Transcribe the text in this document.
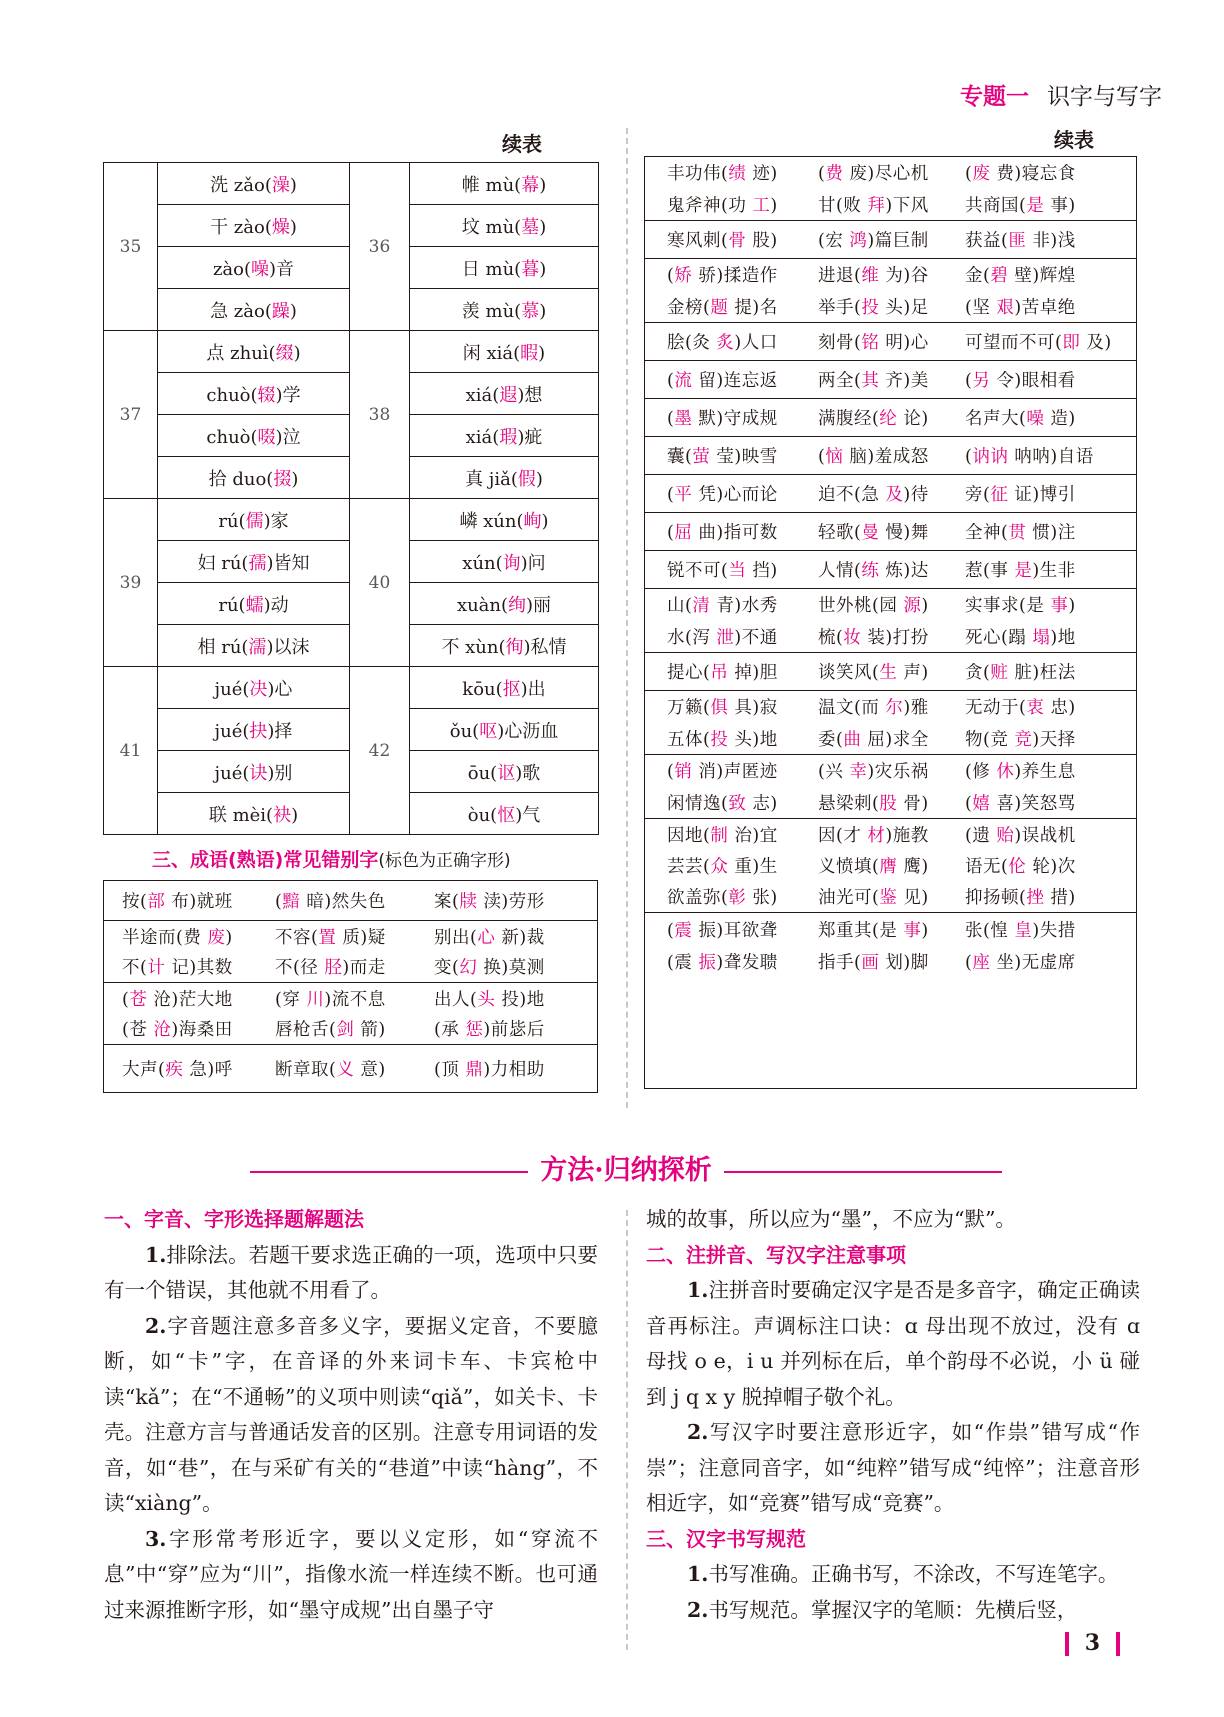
专题一 识字与写字
续表	续表
35	洗 zǎo(澡)	36	帷 mù(幕)
	干 zào(燥)		坟 mù(墓)
	zào(噪)音		日 mù(暮)
	急 zào(躁)		羡 mù(慕)
37	点 zhuì(缀)	38	闲 xiá(暇)
	chuò(辍)学		xiá(遐)想
	chuò(啜)泣		xiá(瑕)疵
	拾 duo(掇)		真 jiǎ(假)
39	rú(儒)家	40	嶙 xún(峋)
	妇 rú(孺)皆知		xún(询)问
	rú(蠕)动		xuàn(绚)丽
	相 rú(濡)以沫		不 xùn(徇)私情
41	jué(决)心	42	kōu(抠)出
	jué(抉)择		ǒu(呕)心沥血
	jué(诀)别		ōu(讴)歌
	联 mèi(袂)		òu(怄)气
三、成语(熟语)常见错别字(标色为正确字形)
按(部 布)就班	(黯 暗)然失色	案(牍 渎)劳形
半途而(费 废)	不容(置 质)疑	别出(心 新)裁
不(计 记)其数	不(径 胫)而走	变(幻 换)莫测
(苍 沧)茫大地	(穿 川)流不息	出人(头 投)地
(苍 沧)海桑田	唇枪舌(剑 箭)	(承 惩)前毖后
大声(疾 急)呼	断章取(义 意)	(顶 鼎)力相助
丰功伟(绩 迹)	(费 废)尽心机	(废 费)寝忘食
鬼斧神(功 工)	甘(败 拜)下风	共商国(是 事)
寒风刺(骨 股)	(宏 鸿)篇巨制	获益(匪 非)浅
(矫 骄)揉造作	进退(维 为)谷	金(碧 壁)辉煌
金榜(题 提)名	举手(投 头)足	(坚 艰)苦卓绝
脍(灸 炙)人口	刻骨(铭 明)心	可望而不可(即 及)
(流 留)连忘返	两全(其 齐)美	(另 令)眼相看
(墨 默)守成规	满腹经(纶 论)	名声大(噪 造)
囊(萤 莹)映雪	(恼 脑)羞成怒	(讷讷 呐呐)自语
(平 凭)心而论	迫不(急 及)待	旁(征 证)博引
(屈 曲)指可数	轻歌(曼 慢)舞	全神(贯 惯)注
锐不可(当 挡)	人情(练 炼)达	惹(事 是)生非
山(清 青)水秀	世外桃(园 源)	实事求(是 事)
水(泻 泄)不通	梳(妆 装)打扮	死心(蹋 塌)地
提心(吊 掉)胆	谈笑风(生 声)	贪(赃 脏)枉法
万籁(俱 具)寂	温文(而 尔)雅	无动于(衷 忠)
五体(投 头)地	委(曲 屈)求全	物(竞 竞)天择
(销 消)声匿迹	(兴 幸)灾乐祸	(修 休)养生息
闲情逸(致 志)	悬梁刺(股 骨)	(嬉 喜)笑怒骂
因地(制 治)宜	因(才 材)施教	(遗 贻)误战机
芸芸(众 重)生	义愤填(膺 鹰)	语无(伦 轮)次
欲盖弥(彰 张)	油光可(鉴 见)	抑扬顿(挫 措)
(震 振)耳欲聋	郑重其(是 事)	张(惶 皇)失措
(震 振)聋发聩	指手(画 划)脚	(座 坐)无虚席
方法·归纳探析

一、字音、字形选择题解题法

1.排除法。若题干要求选正确的一项，选项中只要有一个错误，其他就不用看了。

2.字音题注意多音多义字，要据义定音，不要臆断，如“卡”字，在音译的外来词卡车、卡宾枪中读“kǎ”；在“不通畅”的义项中则读“qiǎ”，如关卡、卡壳。注意方言与普通话发音的区别。注意专用词语的发音，如“巷”，在与采矿有关的“巷道”中读“hàng”，不读“xiàng”。

3.字形常考形近字，要以义定形，如“穿流不息”中“穿”应为“川”，指像水流一样连续不断。也可通过来源推断字形，如“墨守成规”出自墨子守

城的故事，所以应为“墨”，不应为“默”。

二、注拼音、写汉字注意事项

1.注拼音时要确定汉字是否是多音字，确定正确读音再标注。声调标注口诀：ɑ 母出现不放过，没有 ɑ 母找 o e，i u 并列标在后，单个韵母不必说，小 ü 碰到 j q x y 脱掉帽子敬个礼。

2.写汉字时要注意形近字，如“作祟”错写成“作崇”；注意同音字，如“纯粹”错写成“纯悴”；注意音形相近字，如“竞赛”错写成“竞赛”。

三、汉字书写规范

1.书写准确。正确书写，不涂改，不写连笔字。

2.书写规范。掌握汉字的笔顺：先横后竖，

3
